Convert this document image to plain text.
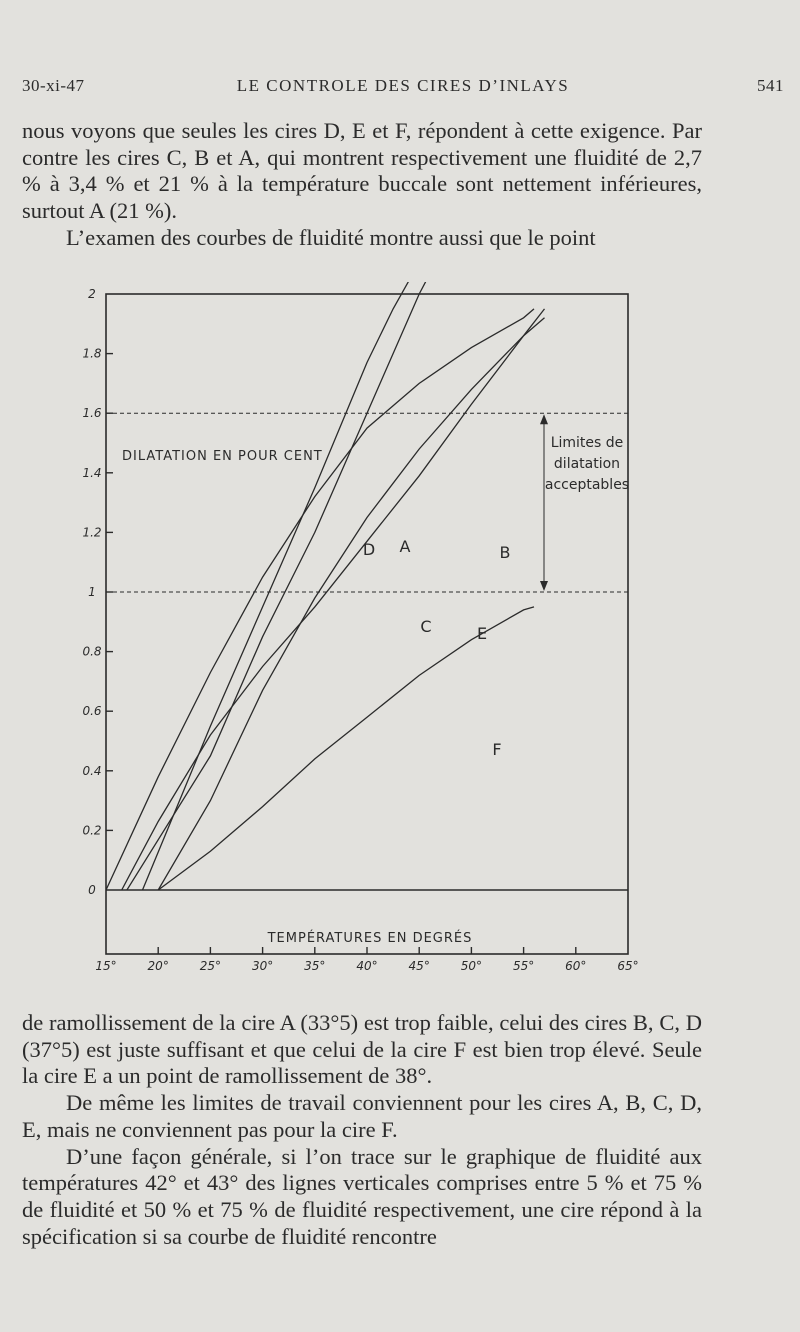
30-xi-47	LE CONTROLE DES CIRES D’INLAYS	541
nous voyons que seules les cires D, E et F, répondent à cette exigence. Par contre les cires C, B et A, qui montrent respectivement une fluidité de 2,7 % à 3,4 % et 21 % à la température buccale sont nettement inférieures, surtout A (21 %).
L’examen des courbes de fluidité montre aussi que le point
2
1.8
1.6
1.4
1.2
1
0.8
0.6
0.4
0.2
0
15°	20°	25°	30°	35°	40°	45°	50°	55°	60°	65°
Limites de
dilatation
acceptables
DILATATION EN POUR CENT
TEMPÉRATURES EN DEGRÉS
A
D	B
C	E
F
de ramollissement de la cire A (33°5) est trop faible, celui des cires B, C, D (37°5) est juste suffisant et que celui de la cire F est bien trop élevé. Seule la cire E a un point de ramollissement de 38°.
De même les limites de travail conviennent pour les cires A, B, C, D, E, mais ne conviennent pas pour la cire F.
D’une façon générale, si l’on trace sur le graphique de fluidité aux températures 42° et 43° des lignes verticales comprises entre 5 % et 75 % de fluidité et 50 % et 75 % de fluidité respectivement, une cire répond à la spécification si sa courbe de fluidité rencontre
